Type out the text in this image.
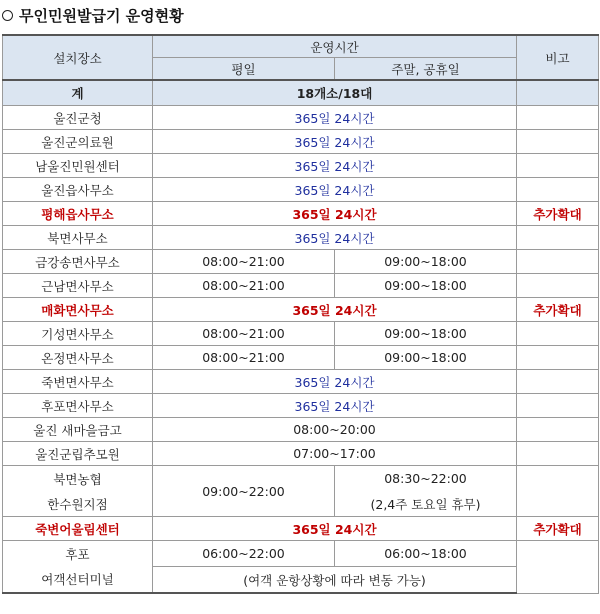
무인민원발급기 운영현황
설치장소	운영시간		비고
	평일	주말, 공휴일	
계	18개소/18대		
울진군청	365일 24시간		
울진군의료원	365일 24시간		
남울진민원센터	365일 24시간		
울진읍사무소	365일 24시간		
평해읍사무소	365일 24시간		추가확대
북면사무소	365일 24시간		
금강송면사무소	08:00~21:00	09:00~18:00	
근남면사무소	08:00~21:00	09:00~18:00	
매화면사무소	365일 24시간		추가확대
기성면사무소	08:00~21:00	09:00~18:00	
온정면사무소	08:00~21:00	09:00~18:00	
죽변면사무소	365일 24시간		
후포면사무소	365일 24시간		
울진 새마을금고	08:00~20:00		
울진군립추모원	07:00~17:00		
북면농협	09:00~22:00	08:30~22:00	
한수원지점		(2,4주 토요일 휴무)	
죽변어울림센터	365일 24시간		추가확대
후포	06:00~22:00	06:00~18:00	
여객선터미널	(여객 운항상황에 따라 변동 가능)		
